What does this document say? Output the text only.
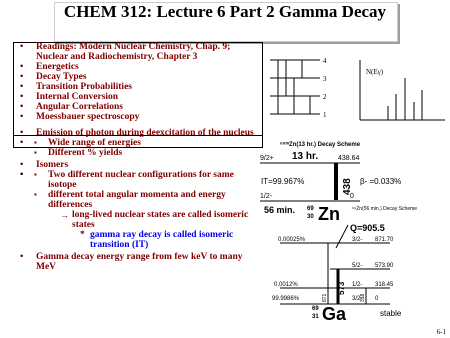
CHEM 312: Lecture 6 Part 2 Gamma Decay
• Readings: Modern Nuclear Chemistry, Chap. 9; Nuclear and Radiochemistry, Chapter 3
• Energetics
• Decay Types
• Transition Probabilities
• Internal Conversion
• Angular Correlations
• Moessbauer spectroscopy
• Emission of photon during deexcitation of the nucleus
▪ • Wide range of energies
▪ Different % yields
• Isomers
▪ • Two different nuclear configurations for same isotope
▪ different total angular momenta and energy differences
→ long-lived nuclear states are called isomeric states
* gamma ray decay is called isomeric transition (IT)
• Gamma decay energy range from few keV to many MeV
4
3
2
1
N(Eγ)
⁶⁹ᵐZn(13 hr.) Decay Scheme
13 hr.
9/2+	438.64
IT=99.967%	438 β- =0.033%
1/2-	0
56 min. 69
30 Zn ⁶⁹Zn(56 min.) Decay Scheme
Q=905.5
0.00025%	3/2- 871.70
5/2- 573.90
0.0012%	1/2- 318.45
99.9986%	3/2- 0
573
871	318
69
31 Ga	stable
6-1
